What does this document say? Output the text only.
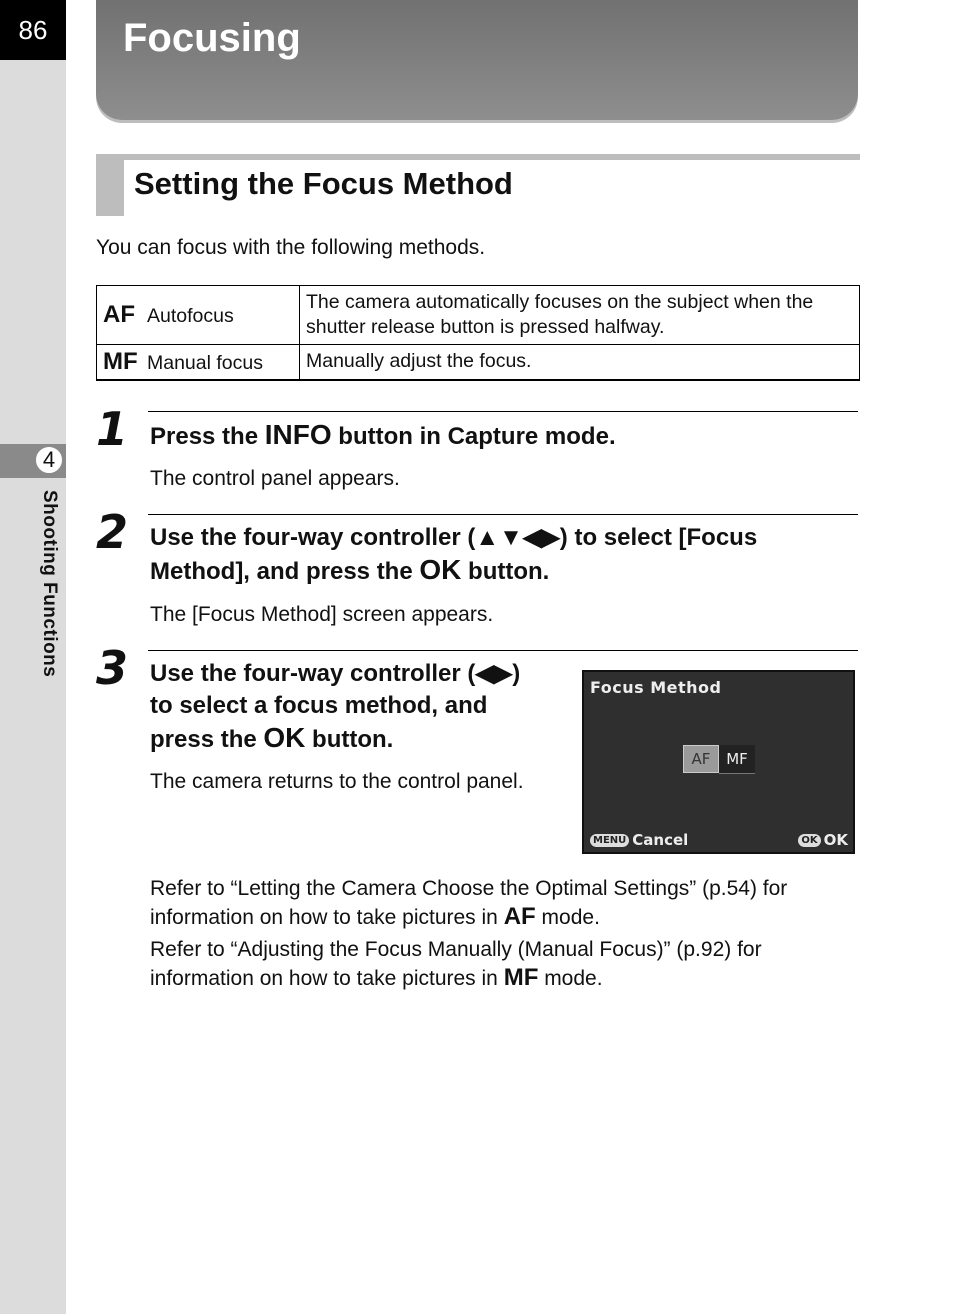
86
4
Shooting Functions
Focusing
Setting the Focus Method
You can focus with the following methods.
AF Autofocus	The camera automatically focuses on the subject when the shutter release button is pressed halfway.
MF Manual focus	Manually adjust the focus.
1 Press the INFO button in Capture mode.
The control panel appears.
2 Use the four-way controller (▲▼◀▶) to select [Focus
Method], and press the OK button.
The [Focus Method] screen appears.
3 Use the four-way controller (◀▶)
to select a focus method, and
press the OK button.
The camera returns to the control panel.
Focus Method
AF	MF
MENU Cancel	OK OK
Refer to “Letting the Camera Choose the Optimal Settings” (p.54) for
information on how to take pictures in AF mode.
Refer to “Adjusting the Focus Manually (Manual Focus)” (p.92) for
information on how to take pictures in MF mode.
